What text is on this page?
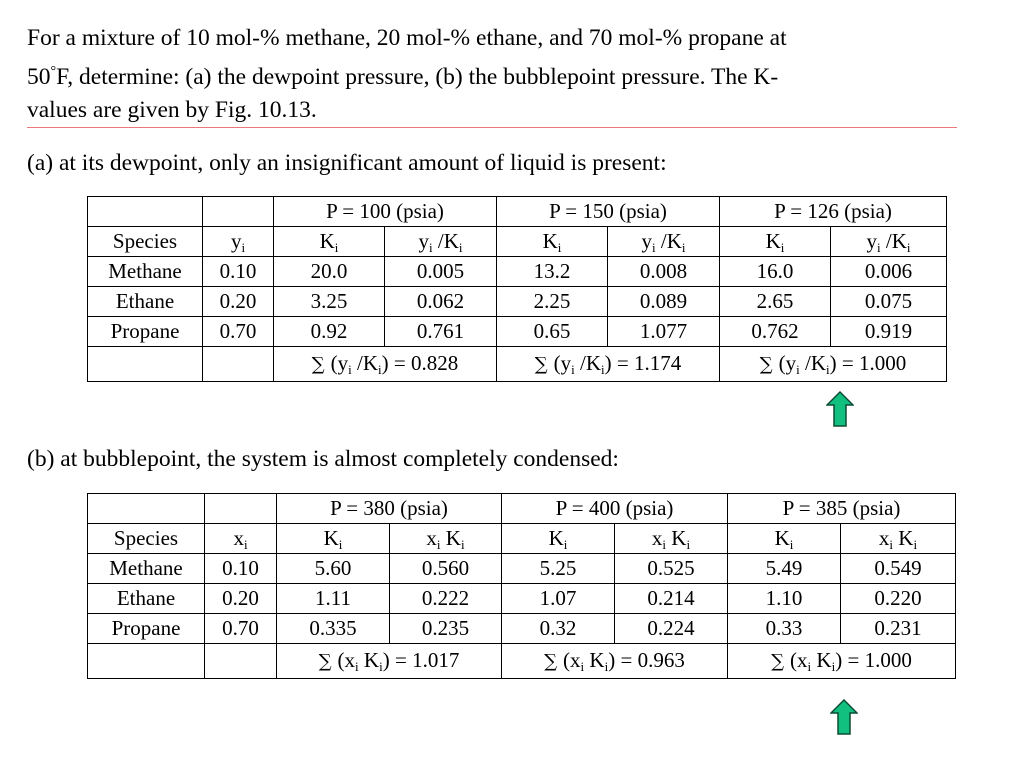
For a mixture of 10 mol-% methane, 20 mol-% ethane, and 70 mol-% propane at
50°F, determine: (a) the dewpoint pressure, (b) the bubblepoint pressure. The K-
values are given by Fig. 10.13.

(a) at its dewpoint, only an insignificant amount of liquid is present:

		P = 100 (psia)		P = 150 (psia)		P = 126 (psia)	
Species	$y_i$	$K_i$	$y_i$ $/K_i$	$K_i$	$y_i$ $/K_i$	$K_i$	$y_i$ $/K_i$
Methane	0.10	20.0	0.005	13.2	0.008	16.0	0.006
Ethane	0.20	3.25	0.062	2.25	0.089	2.65	0.075
Propane	0.70	0.92	0.761	0.65	1.077	0.762	0.919
		∑ ($y_i$ $/K_i) = 0.828$		∑ ($y_i$ $/K_i) = 1.174$		∑ ($y_i$ $/K_i) = 1.000$	

(b) at bubblepoint, the system is almost completely condensed:

		P = 380 (psia)		P = 400 (psia)		P = 385 (psia)	
Species	$x_i$	$K_i$	$x_i$ $K_i$	$K_i$	$x_i$ $K_i$	$K_i$	$x_i$ $K_i$
Methane	0.10	5.60	0.560	5.25	0.525	5.49	0.549
Ethane	0.20	1.11	0.222	1.07	0.214	1.10	0.220
Propane	0.70	0.335	0.235	0.32	0.224	0.33	0.231
		∑ ($x_i$ $K_i) = 1.017$		∑ ($x_i$ $K_i) = 0.963$		∑ ($x_i$ $K_i) = 1.000$	
